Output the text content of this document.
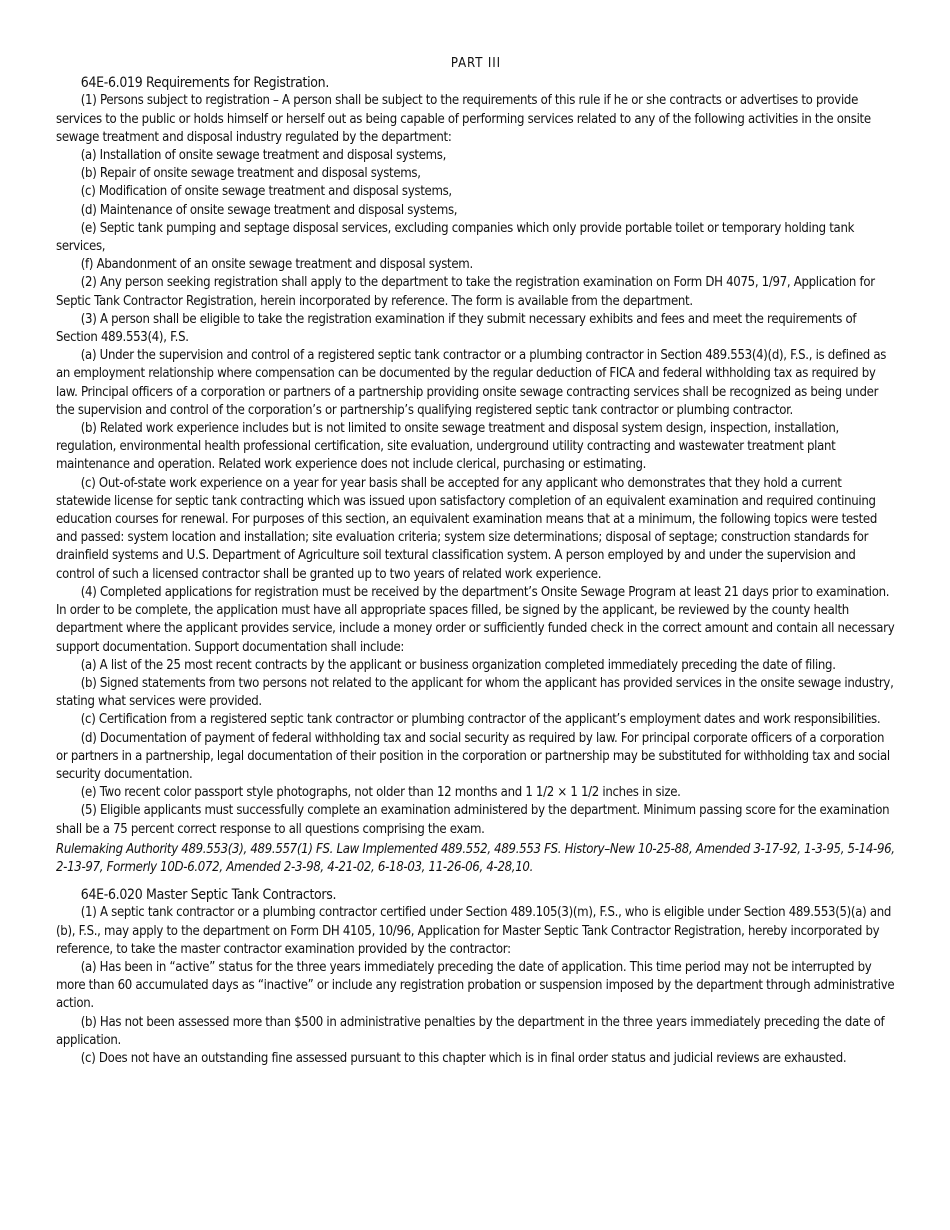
PART III
64E-6.019 Requirements for Registration.

(1) Persons subject to registration – A person shall be subject to the requirements of this rule if he or she contracts or advertises to provide services to the public or holds himself or herself out as being capable of performing services related to any of the following activities in the onsite sewage treatment and disposal industry regulated by the department:

(a) Installation of onsite sewage treatment and disposal systems,

(b) Repair of onsite sewage treatment and disposal systems,

(c) Modification of onsite sewage treatment and disposal systems,

(d) Maintenance of onsite sewage treatment and disposal systems,

(e) Septic tank pumping and septage disposal services, excluding companies which only provide portable toilet or temporary holding tank services,

(f) Abandonment of an onsite sewage treatment and disposal system.

(2) Any person seeking registration shall apply to the department to take the registration examination on Form DH 4075, 1/97, Application for Septic Tank Contractor Registration, herein incorporated by reference. The form is available from the department.

(3) A person shall be eligible to take the registration examination if they submit necessary exhibits and fees and meet the requirements of Section 489.553(4), F.S.

(a) Under the supervision and control of a registered septic tank contractor or a plumbing contractor in Section 489.553(4)(d), F.S., is defined as an employment relationship where compensation can be documented by the regular deduction of FICA and federal withholding tax as required by law. Principal officers of a corporation or partners of a partnership providing onsite sewage contracting services shall be recognized as being under the supervision and control of the corporation’s or partnership’s qualifying registered septic tank contractor or plumbing contractor.

(b) Related work experience includes but is not limited to onsite sewage treatment and disposal system design, inspection, installation, regulation, environmental health professional certification, site evaluation, underground utility contracting and wastewater treatment plant maintenance and operation. Related work experience does not include clerical, purchasing or estimating.

(c) Out-of-state work experience on a year for year basis shall be accepted for any applicant who demonstrates that they hold a current statewide license for septic tank contracting which was issued upon satisfactory completion of an equivalent examination and required continuing education courses for renewal. For purposes of this section, an equivalent examination means that at a minimum, the following topics were tested and passed: system location and installation; site evaluation criteria; system size determinations; disposal of septage; construction standards for drainfield systems and U.S. Department of Agriculture soil textural classification system. A person employed by and under the supervision and control of such a licensed contractor shall be granted up to two years of related work experience.

(4) Completed applications for registration must be received by the department’s Onsite Sewage Program at least 21 days prior to examination. In order to be complete, the application must have all appropriate spaces filled, be signed by the applicant, be reviewed by the county health department where the applicant provides service, include a money order or sufficiently funded check in the correct amount and contain all necessary support documentation. Support documentation shall include:

(a) A list of the 25 most recent contracts by the applicant or business organization completed immediately preceding the date of filing.

(b) Signed statements from two persons not related to the applicant for whom the applicant has provided services in the onsite sewage industry, stating what services were provided.

(c) Certification from a registered septic tank contractor or plumbing contractor of the applicant’s employment dates and work responsibilities.

(d) Documentation of payment of federal withholding tax and social security as required by law. For principal corporate officers of a corporation or partners in a partnership, legal documentation of their position in the corporation or partnership may be substituted for withholding tax and social security documentation.

(e) Two recent color passport style photographs, not older than 12 months and 1 1/2 × 1 1/2 inches in size.

(5) Eligible applicants must successfully complete an examination administered by the department. Minimum passing score for the examination shall be a 75 percent correct response to all questions comprising the exam.

Rulemaking Authority 489.553(3), 489.557(1) FS. Law Implemented 489.552, 489.553 FS. History–New 10-25-88, Amended 3-17-92, 1-3-95, 5-14-96, 2-13-97, Formerly 10D-6.072, Amended 2-3-98, 4-21-02, 6-18-03, 11-26-06, 4-28,10.

64E-6.020 Master Septic Tank Contractors.

(1) A septic tank contractor or a plumbing contractor certified under Section 489.105(3)(m), F.S., who is eligible under Section 489.553(5)(a) and (b), F.S., may apply to the department on Form DH 4105, 10/96, Application for Master Septic Tank Contractor Registration, hereby incorporated by reference, to take the master contractor examination provided by the contractor:

(a) Has been in “active” status for the three years immediately preceding the date of application. This time period may not be interrupted by more than 60 accumulated days as “inactive” or include any registration probation or suspension imposed by the department through administrative action.

(b) Has not been assessed more than $500 in administrative penalties by the department in the three years immediately preceding the date of application.

(c) Does not have an outstanding fine assessed pursuant to this chapter which is in final order status and judicial reviews are exhausted.
